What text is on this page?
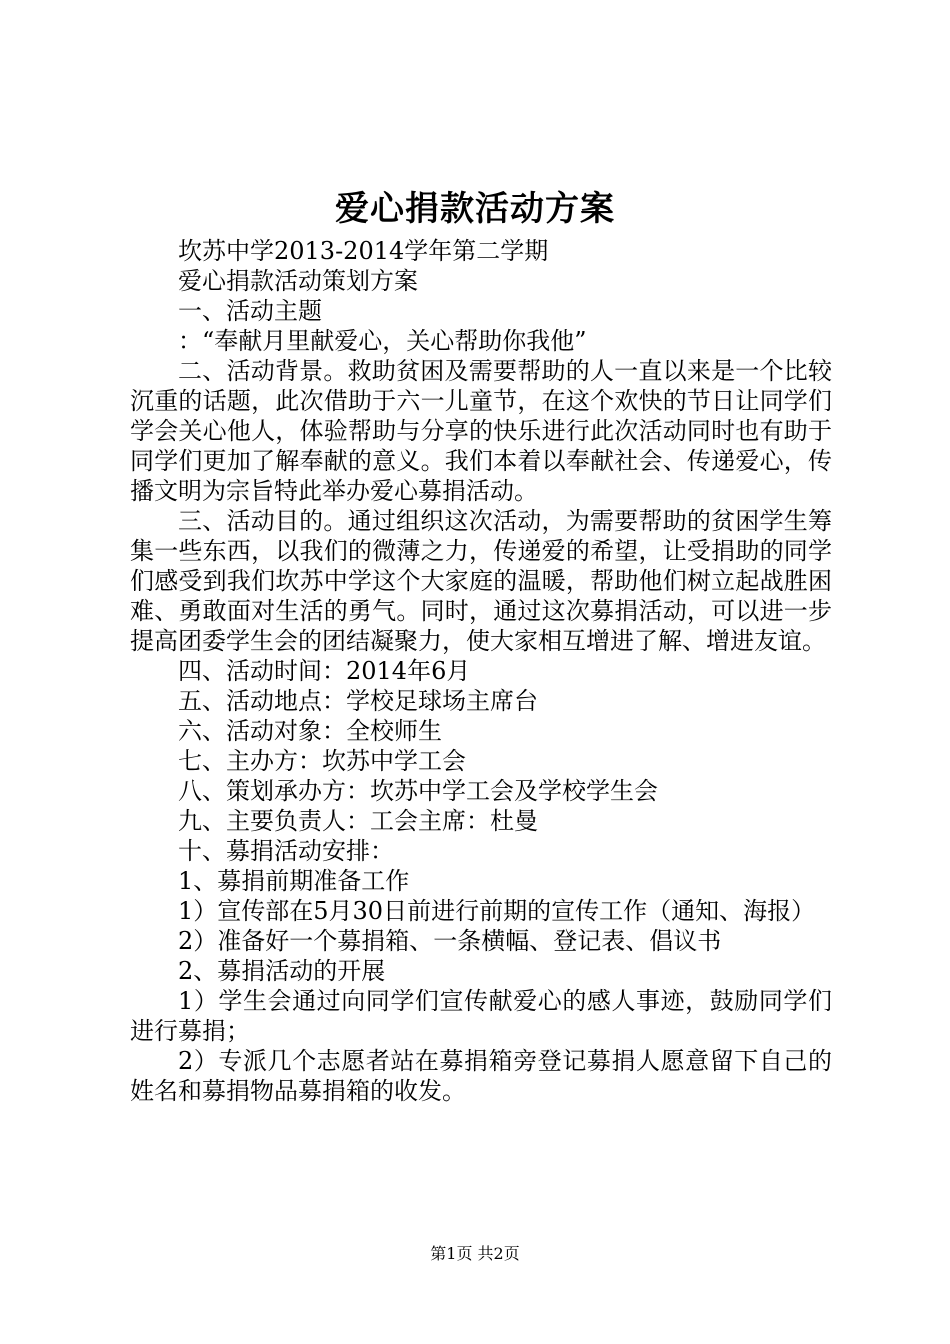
爱心捐款活动方案

坎苏中学2013-2014学年第二学期

爱心捐款活动策划方案

一、活动主题

：“奉献月里献爱心，关心帮助你我他”

二、活动背景。救助贫困及需要帮助的人一直以来是一个比较沉重的话题，此次借助于六一儿童节，在这个欢快的节日让同学们学会关心他人，体验帮助与分享的快乐进行此次活动同时也有助于同学们更加了解奉献的意义。我们本着以奉献社会、传递爱心，传播文明为宗旨特此举办爱心募捐活动。

三、活动目的。通过组织这次活动，为需要帮助的贫困学生筹集一些东西，以我们的微薄之力，传递爱的希望，让受捐助的同学们感受到我们坎苏中学这个大家庭的温暖，帮助他们树立起战胜困难、勇敢面对生活的勇气。同时，通过这次募捐活动，可以进一步提高团委学生会的团结凝聚力，使大家相互增进了解、增进友谊。

四、活动时间：2014年6月

五、活动地点：学校足球场主席台

六、活动对象：全校师生

七、主办方：坎苏中学工会

八、策划承办方：坎苏中学工会及学校学生会

九、主要负责人：工会主席：杜曼

十、募捐活动安排：

1、募捐前期准备工作

1）宣传部在5月30日前进行前期的宣传工作（通知、海报）

2）准备好一个募捐箱、一条横幅、登记表、倡议书

2、募捐活动的开展

1）学生会通过向同学们宣传献爱心的感人事迹，鼓励同学们进行募捐；

2）专派几个志愿者站在募捐箱旁登记募捐人愿意留下自己的姓名和募捐物品募捐箱的收发。

第1页 共2页
